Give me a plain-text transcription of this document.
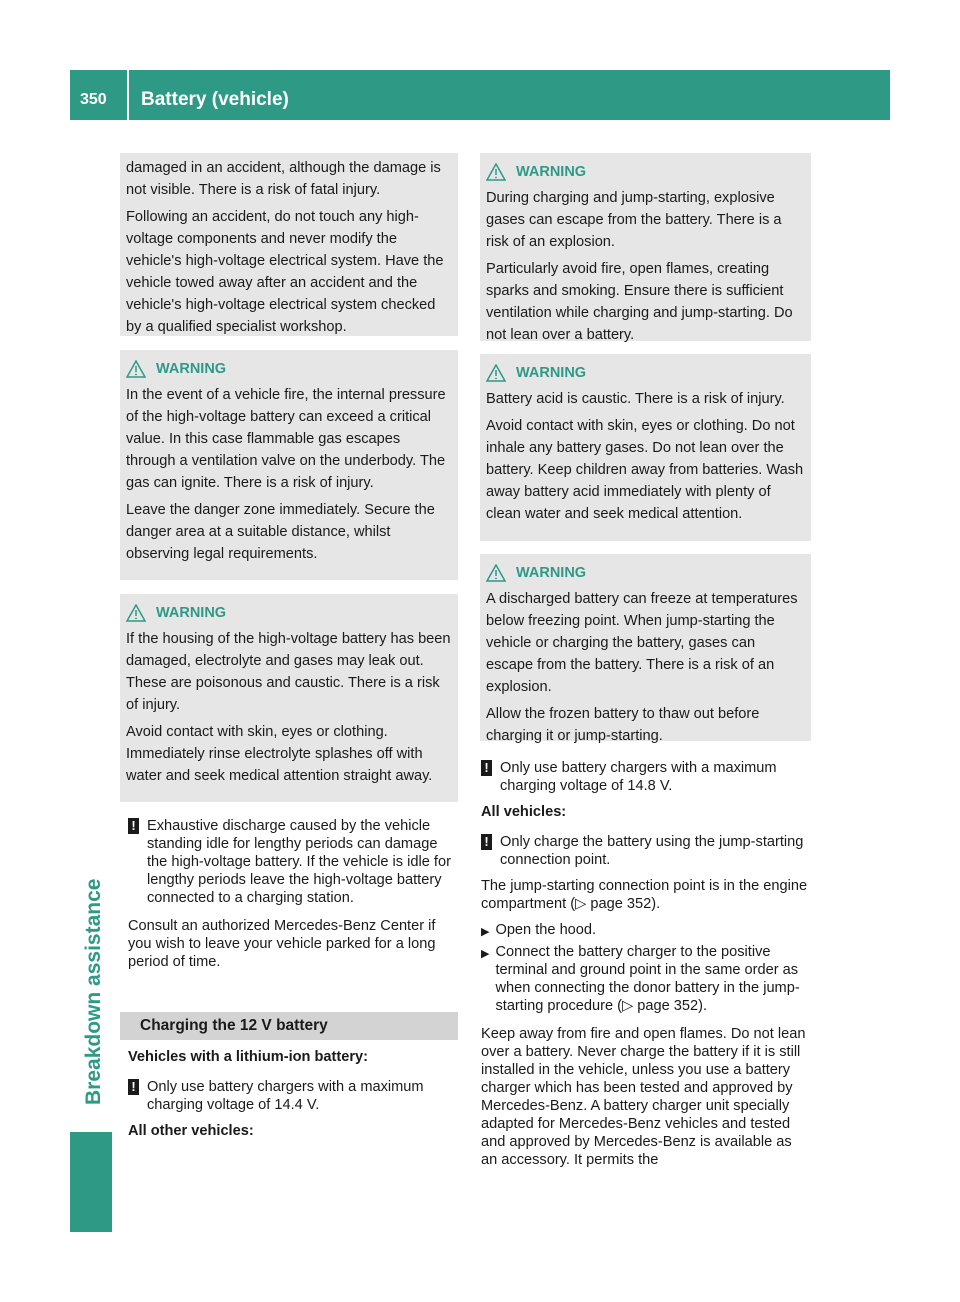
350 Battery (vehicle)
Breakdown assistance

damaged in an accident, although the damage is not visible. There is a risk of fatal injury.

Following an accident, do not touch any high-voltage components and never modify the vehicle's high-voltage electrical system. Have the vehicle towed away after an accident and the vehicle's high-voltage electrical system checked by a qualified specialist workshop.

WARNING

In the event of a vehicle fire, the internal pressure of the high-voltage battery can exceed a critical value. In this case flammable gas escapes through a ventilation valve on the underbody. The gas can ignite. There is a risk of injury.

Leave the danger zone immediately. Secure the danger area at a suitable distance, whilst observing legal requirements.

WARNING

If the housing of the high-voltage battery has been damaged, electrolyte and gases may leak out. These are poisonous and caustic. There is a risk of injury.

Avoid contact with skin, eyes or clothing. Immediately rinse electrolyte splashes off with water and seek medical attention straight away.

! Exhaustive discharge caused by the vehicle standing idle for lengthy periods can damage the high-voltage battery. If the vehicle is idle for lengthy periods leave the high-voltage battery connected to a charging station.
Consult an authorized Mercedes-Benz Center if you wish to leave your vehicle parked for a long period of time.
Charging the 12 V battery
Vehicles with a lithium-ion battery:
! Only use battery chargers with a maximum charging voltage of 14.4 V.
All other vehicles:
WARNING

During charging and jump-starting, explosive gases can escape from the battery. There is a risk of an explosion.

Particularly avoid fire, open flames, creating sparks and smoking. Ensure there is sufficient ventilation while charging and jump-starting. Do not lean over a battery.

WARNING

Battery acid is caustic. There is a risk of injury.

Avoid contact with skin, eyes or clothing. Do not inhale any battery gases. Do not lean over the battery. Keep children away from batteries. Wash away battery acid immediately with plenty of clean water and seek medical attention.

WARNING

A discharged battery can freeze at temperatures below freezing point. When jump-starting the vehicle or charging the battery, gases can escape from the battery. There is a risk of an explosion.

Allow the frozen battery to thaw out before charging it or jump-starting.

! Only use battery chargers with a maximum charging voltage of 14.8 V.
All vehicles:
! Only charge the battery using the jump-starting connection point.
The jump-starting connection point is in the engine compartment (▷ page 352).
▶ Open the hood.
▶ Connect the battery charger to the positive terminal and ground point in the same order as when connecting the donor battery in the jump-starting procedure (▷ page 352).
Keep away from fire and open flames. Do not lean over a battery. Never charge the battery if it is still installed in the vehicle, unless you use a battery charger which has been tested and approved by Mercedes-Benz. A battery charger unit specially adapted for Mercedes-Benz vehicles and tested and approved by Mercedes-Benz is available as an accessory. It permits the
